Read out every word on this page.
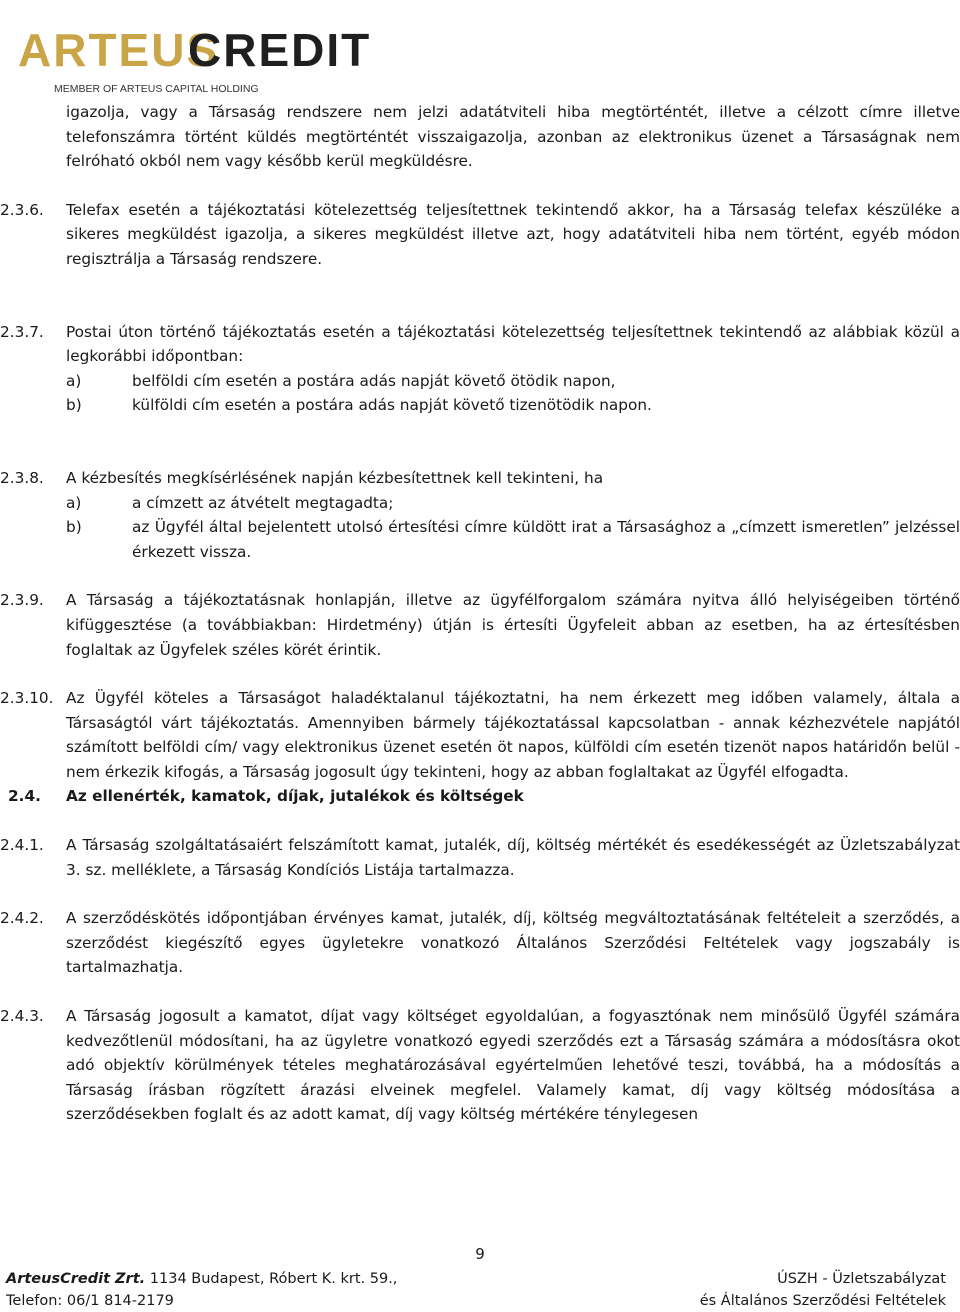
ARTEUS
CREDIT
MEMBER OF ARTEUS CAPITAL HOLDING

igazolja, vagy a Társaság rendszere nem jelzi adatátviteli hiba megtörténtét, illetve a célzott címre illetve telefonszámra történt küldés megtörténtét visszaigazolja, azonban az elektronikus üzenet a Társaságnak nem felróható okból nem vagy később kerül megküldésre.

2.3.6.	Telefax esetén a tájékoztatási kötelezettség teljesítettnek tekintendő akkor, ha a Társaság telefax készüléke a sikeres megküldést igazolja, a sikeres megküldést illetve azt, hogy adatátviteli hiba nem történt, egyéb módon regisztrálja a Társaság rendszere.
2.3.7.	Postai úton történő tájékoztatás esetén a tájékoztatási kötelezettség teljesítettnek tekintendő az alábbiak közül a legkorábbi időpontban:
a)	belföldi cím esetén a postára adás napját követő ötödik napon,
b)	külföldi cím esetén a postára adás napját követő tizenötödik napon.
2.3.8.	A kézbesítés megkísérlésének napján kézbesítettnek kell tekinteni, ha
a)	a címzett az átvételt megtagadta;
b)	az Ügyfél által bejelentett utolsó értesítési címre küldött irat a Társasághoz a „címzett ismeretlen” jelzéssel érkezett vissza.
2.3.9.	A Társaság a tájékoztatásnak honlapján, illetve az ügyfélforgalom számára nyitva álló helyiségeiben történő kifüggesztése (a továbbiakban: Hirdetmény) útján is értesíti Ügyfeleit abban az esetben, ha az értesítésben foglaltak az Ügyfelek széles körét érintik.
2.3.10. Az Ügyfél köteles a Társaságot haladéktalanul tájékoztatni, ha nem érkezett meg időben valamely, általa a Társaságtól várt tájékoztatás. Amennyiben bármely tájékoztatással kapcsolatban - annak kézhezvétele napjától számított belföldi cím/ vagy elektronikus üzenet esetén öt napos, külföldi cím esetén tizenöt napos határidőn belül - nem érkezik kifogás, a Társaság jogosult úgy tekinteni, hogy az abban foglaltakat az Ügyfél elfogadta.
2.4.	Az ellenérték, kamatok, díjak, jutalékok és költségek
2.4.1.	A Társaság szolgáltatásaiért felszámított kamat, jutalék, díj, költség mértékét és esedékességét az Üzletszabályzat 3. sz. melléklete, a Társaság Kondíciós Listája tartalmazza.
2.4.2.	A szerződéskötés időpontjában érvényes kamat, jutalék, díj, költség megváltoztatásának feltételeit a szerződés, a szerződést kiegészítő egyes ügyletekre vonatkozó Általános Szerződési Feltételek vagy jogszabály is tartalmazhatja.
2.4.3.	A Társaság jogosult a kamatot, díjat vagy költséget egyoldalúan, a fogyasztónak nem minősülő Ügyfél számára kedvezőtlenül módosítani, ha az ügyletre vonatkozó egyedi szerződés ezt a Társaság számára a módosításra okot adó objektív körülmények tételes meghatározásával egyértelműen lehetővé teszi, továbbá, ha a módosítás a Társaság írásban rögzített árazási elveinek megfelel. Valamely kamat, díj vagy költség módosítása a szerződésekben foglalt és az adott kamat, díj vagy költség mértékére ténylegesen
9
ArteusCredit Zrt. 1134 Budapest, Róbert K. krt. 59.,
Telefon: 06/1 814-2179
ÚSZH - Üzletszabályzat
és Általános Szerződési Feltételek
